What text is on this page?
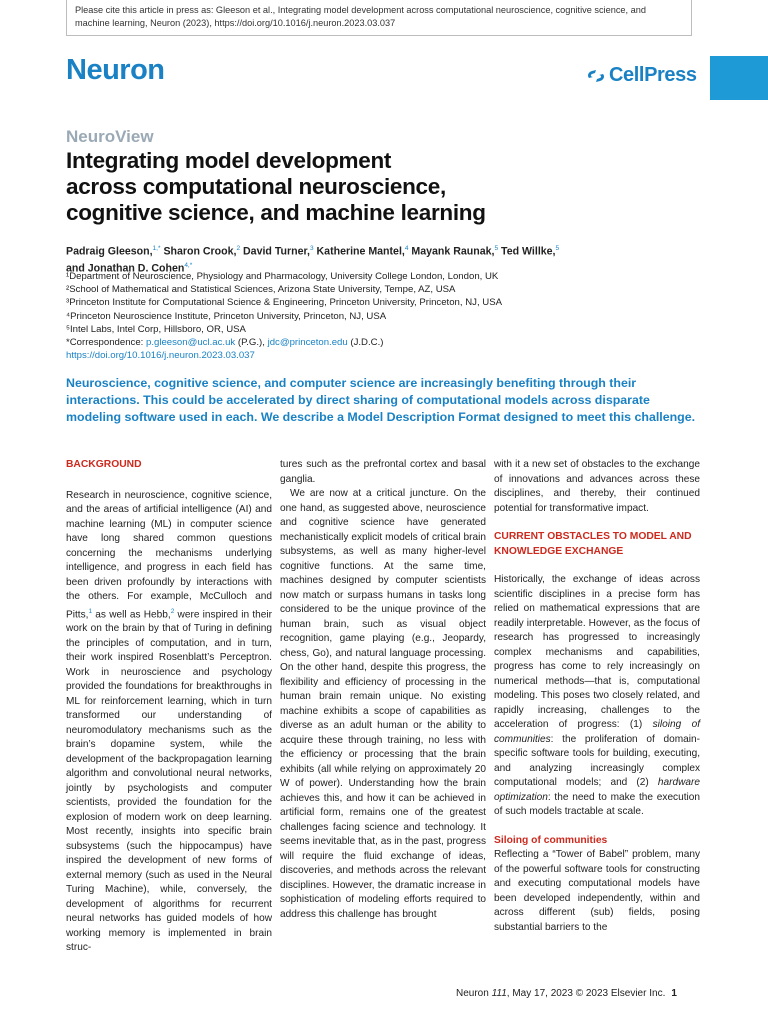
Please cite this article in press as: Gleeson et al., Integrating model development across computational neuroscience, cognitive science, and machine learning, Neuron (2023), https://doi.org/10.1016/j.neuron.2023.03.037
Neuron	CellPress
NeuroView
Integrating model development
across computational neuroscience,
cognitive science, and machine learning
Padraig Gleeson,$^{1,*}$ Sharon Crook,$^2$ David Turner,$^3$ Katherine Mantel,$^4$ Mayank Raunak,$^5$ Ted Willke,$^5$
and Jonathan D. Cohen$^{4,*}$
¹Department of Neuroscience, Physiology and Pharmacology, University College London, London, UK
²School of Mathematical and Statistical Sciences, Arizona State University, Tempe, AZ, USA
³Princeton Institute for Computational Science & Engineering, Princeton University, Princeton, NJ, USA
⁴Princeton Neuroscience Institute, Princeton University, Princeton, NJ, USA
⁵Intel Labs, Intel Corp, Hillsboro, OR, USA
*Correspondence: p.gleeson@ucl.ac.uk (P.G.), jdc@princeton.edu (J.D.C.)
https://doi.org/10.1016/j.neuron.2023.03.037
Neuroscience, cognitive science, and computer science are increasingly benefiting through their interactions. This could be accelerated by direct sharing of computational models across disparate modeling software used in each. We describe a Model Description Format designed to meet this challenge.

BACKGROUND

Research in neuroscience, cognitive science, and the areas of artificial intelligence (AI) and machine learning (ML) in computer science have long shared common questions concerning the mechanisms underlying intelligence, and progress in each field has been driven profoundly by interactions with the others. For example, McCulloch and Pitts,$^1$ as well as Hebb,$^2$ were inspired in their work on the brain by that of Turing in defining the principles of computation, and in turn, their work inspired Rosenblatt’s Perceptron. Work in neuroscience and psychology provided the foundations for breakthroughs in ML for reinforcement learning, which in turn transformed our understanding of neuromodulatory mechanisms such as the brain’s dopamine system, while the development of the backpropagation learning algorithm and convolutional neural networks, jointly by psychologists and computer scientists, provided the foundation for the explosion of modern work on deep learning. Most recently, insights into specific brain subsystems (such the hippocampus) have inspired the development of new forms of external memory (such as used in the Neural Turing Machine), while, conversely, the development of algorithms for recurrent neural networks has guided models of how working memory is implemented in brain struc-

tures such as the prefrontal cortex and basal ganglia.

We are now at a critical juncture. On the one hand, as suggested above, neuroscience and cognitive science have generated mechanistically explicit models of critical brain subsystems, as well as many higher-level cognitive functions. At the same time, machines designed by computer scientists now match or surpass humans in tasks long considered to be the unique province of the human brain, such as visual object recognition, game playing (e.g., Jeopardy, chess, Go), and natural language processing. On the other hand, despite this progress, the flexibility and efficiency of processing in the human brain remain unique. No existing machine exhibits a scope of capabilities as diverse as an adult human or the ability to acquire these through training, no less with the efficiency or processing that the brain exhibits (all while relying on approximately 20 W of power). Understanding how the brain achieves this, and how it can be achieved in artificial form, remains one of the greatest challenges facing science and technology. It seems inevitable that, as in the past, progress will require the fluid exchange of ideas, discoveries, and methods across the relevant disciplines. However, the dramatic increase in sophistication of modeling efforts required to address this challenge has brought

with it a new set of obstacles to the exchange of innovations and advances across these disciplines, and thereby, their continued potential for transformative impact.

CURRENT OBSTACLES TO MODEL AND KNOWLEDGE EXCHANGE

Historically, the exchange of ideas across scientific disciplines in a precise form has relied on mathematical expressions that are readily interpretable. However, as the focus of research has progressed to increasingly complex mechanisms and capabilities, progress has come to rely increasingly on numerical methods—that is, computational modeling. This poses two closely related, and rapidly increasing, challenges to the acceleration of progress: (1) siloing of communities: the proliferation of domain-specific software tools for building, executing, and analyzing increasingly complex computational models; and (2) hardware optimization: the need to make the execution of such models tractable at scale.

Siloing of communities

Reflecting a “Tower of Babel” problem, many of the powerful software tools for constructing and executing computational models have been developed independently, within and across different (sub) fields, posing substantial barriers to the

Neuron 111, May 17, 2023 © 2023 Elsevier Inc. 1
